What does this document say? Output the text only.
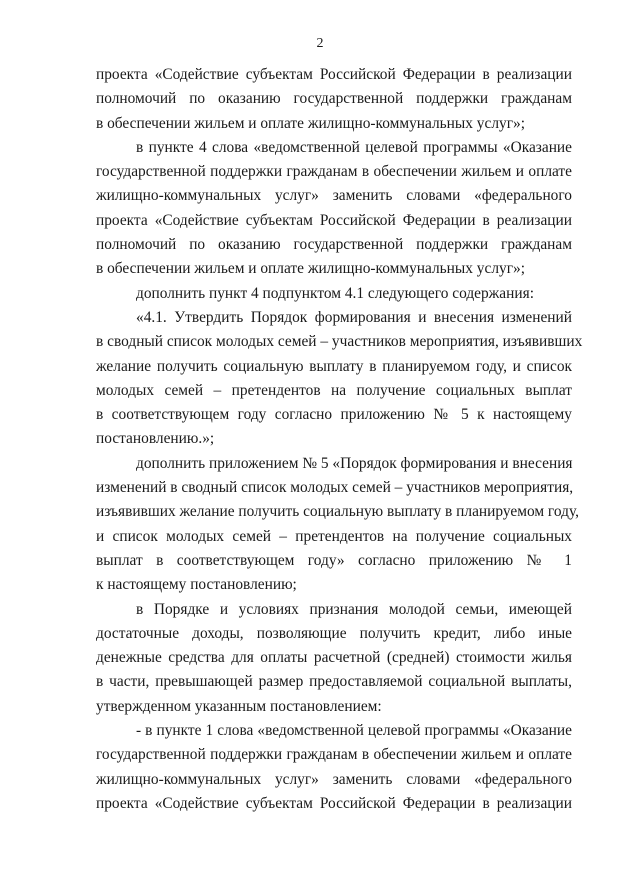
2
проекта «Содействие субъектам Российской Федерации в реализации
полномочий по оказанию государственной поддержки гражданам
в обеспечении жильем и оплате жилищно-коммунальных услуг»;
в пункте 4 слова «ведомственной целевой программы «Оказание
государственной поддержки гражданам в обеспечении жильем и оплате
жилищно-коммунальных услуг» заменить словами «федерального
проекта «Содействие субъектам Российской Федерации в реализации
полномочий по оказанию государственной поддержки гражданам
в обеспечении жильем и оплате жилищно-коммунальных услуг»;
дополнить пункт 4 подпунктом 4.1 следующего содержания:
«4.1. Утвердить Порядок формирования и внесения изменений
в сводный список молодых семей – участников мероприятия, изъявивших
желание получить социальную выплату в планируемом году, и список
молодых семей – претендентов на получение социальных выплат
в соответствующем году согласно приложению № 5 к настоящему
постановлению.»;
дополнить приложением № 5 «Порядок формирования и внесения
изменений в сводный список молодых семей – участников мероприятия,
изъявивших желание получить социальную выплату в планируемом году,
и список молодых семей – претендентов на получение социальных
выплат в соответствующем году» согласно приложению № 1
к настоящему постановлению;
в Порядке и условиях признания молодой семьи, имеющей
достаточные доходы, позволяющие получить кредит, либо иные
денежные средства для оплаты расчетной (средней) стоимости жилья
в части, превышающей размер предоставляемой социальной выплаты,
утвержденном указанным постановлением:
- в пункте 1 слова «ведомственной целевой программы «Оказание
государственной поддержки гражданам в обеспечении жильем и оплате
жилищно-коммунальных услуг» заменить словами «федерального
проекта «Содействие субъектам Российской Федерации в реализации
